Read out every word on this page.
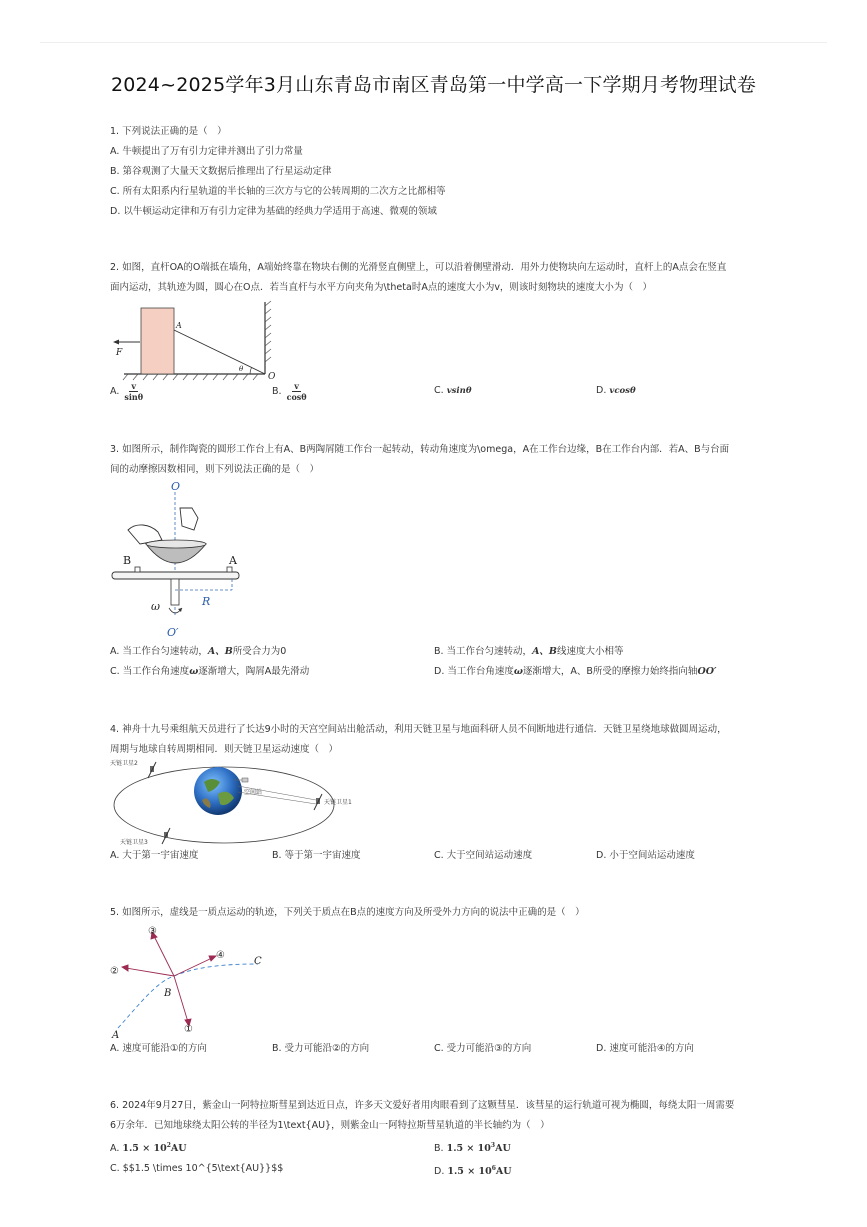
2024~2025学年3月山东青岛市南区青岛第一中学高一下学期月考物理试卷

1. 下列说法正确的是（　）

A. 牛顿提出了万有引力定律并测出了引力常量

B. 第谷观测了大量天文数据后推理出了行星运动定律

C. 所有太阳系内行星轨道的半长轴的三次方与它的公转周期的二次方之比都相等

D. 以牛顿运动定律和万有引力定律为基础的经典力学适用于高速、微观的领域

2. 如图，直杆OA的O端抵在墙角，A端始终靠在物块右侧的光滑竖直侧壁上，可以沿着侧壁滑动．用外力使物块向左运动时，直杆上的A点会在竖直

面内运动，其轨迹为圆，圆心在O点．若当直杆与水平方向夹角为\theta时A点的速度大小为v，则该时刻物块的速度大小为（　）

F
A
O
θ
A. $\frac{v}{\sin\theta}$	B. $\frac{v}{\cos\theta}$	C. vsinθ	D. vcosθ

3. 如图所示，制作陶瓷的圆形工作台上有A、B两陶屑随工作台一起转动，转动角速度为\omega，A在工作台边缘，B在工作台内部．若A、B与台面

间的动摩擦因数相同，则下列说法正确的是（　）

O
O′
B	A
R
ω
A. 当工作台匀速转动，A、B所受合力为0	B. 当工作台匀速转动，A、B线速度大小相等
C. 当工作台角速度ω逐渐增大，陶屑A最先滑动	D. 当工作台角速度ω逐渐增大，A、B所受的摩擦力始终指向轴OO′

4. 神舟十九号乘组航天员进行了长达9小时的天宫空间站出舱活动，利用天链卫星与地面科研人员不间断地进行通信．天链卫星绕地球做圆周运动，

周期与地球自转周期相同．则天链卫星运动速度（　）

空间站
天链卫星2
天链卫星1
天链卫星3
A. 大于第一宇宙速度	B. 等于第一宇宙速度	C. 大于空间站运动速度	D. 小于空间站运动速度

5. 如图所示，虚线是一质点运动的轨迹，下列关于质点在B点的速度方向及所受外力方向的说法中正确的是（　）

③
②
①
④
B
A
C
A. 速度可能沿①的方向	B. 受力可能沿②的方向	C. 受力可能沿③的方向	D. 速度可能沿④的方向

6. 2024年9月27日，紫金山一阿特拉斯彗星到达近日点，许多天文爱好者用肉眼看到了这颗彗星．该彗星的运行轨道可视为椭圆，每绕太阳一周需要

6万余年．已知地球绕太阳公转的半径为1\text{AU}，则紫金山一阿特拉斯彗星轨道的半长轴约为（　）

A. $1.5 \times 10^2AU$	B. $1.5 \times 10^3AU$
C. $$1.5 \times 10^{5\text{AU}}$$	D. $1.5 \times 10^6AU$
